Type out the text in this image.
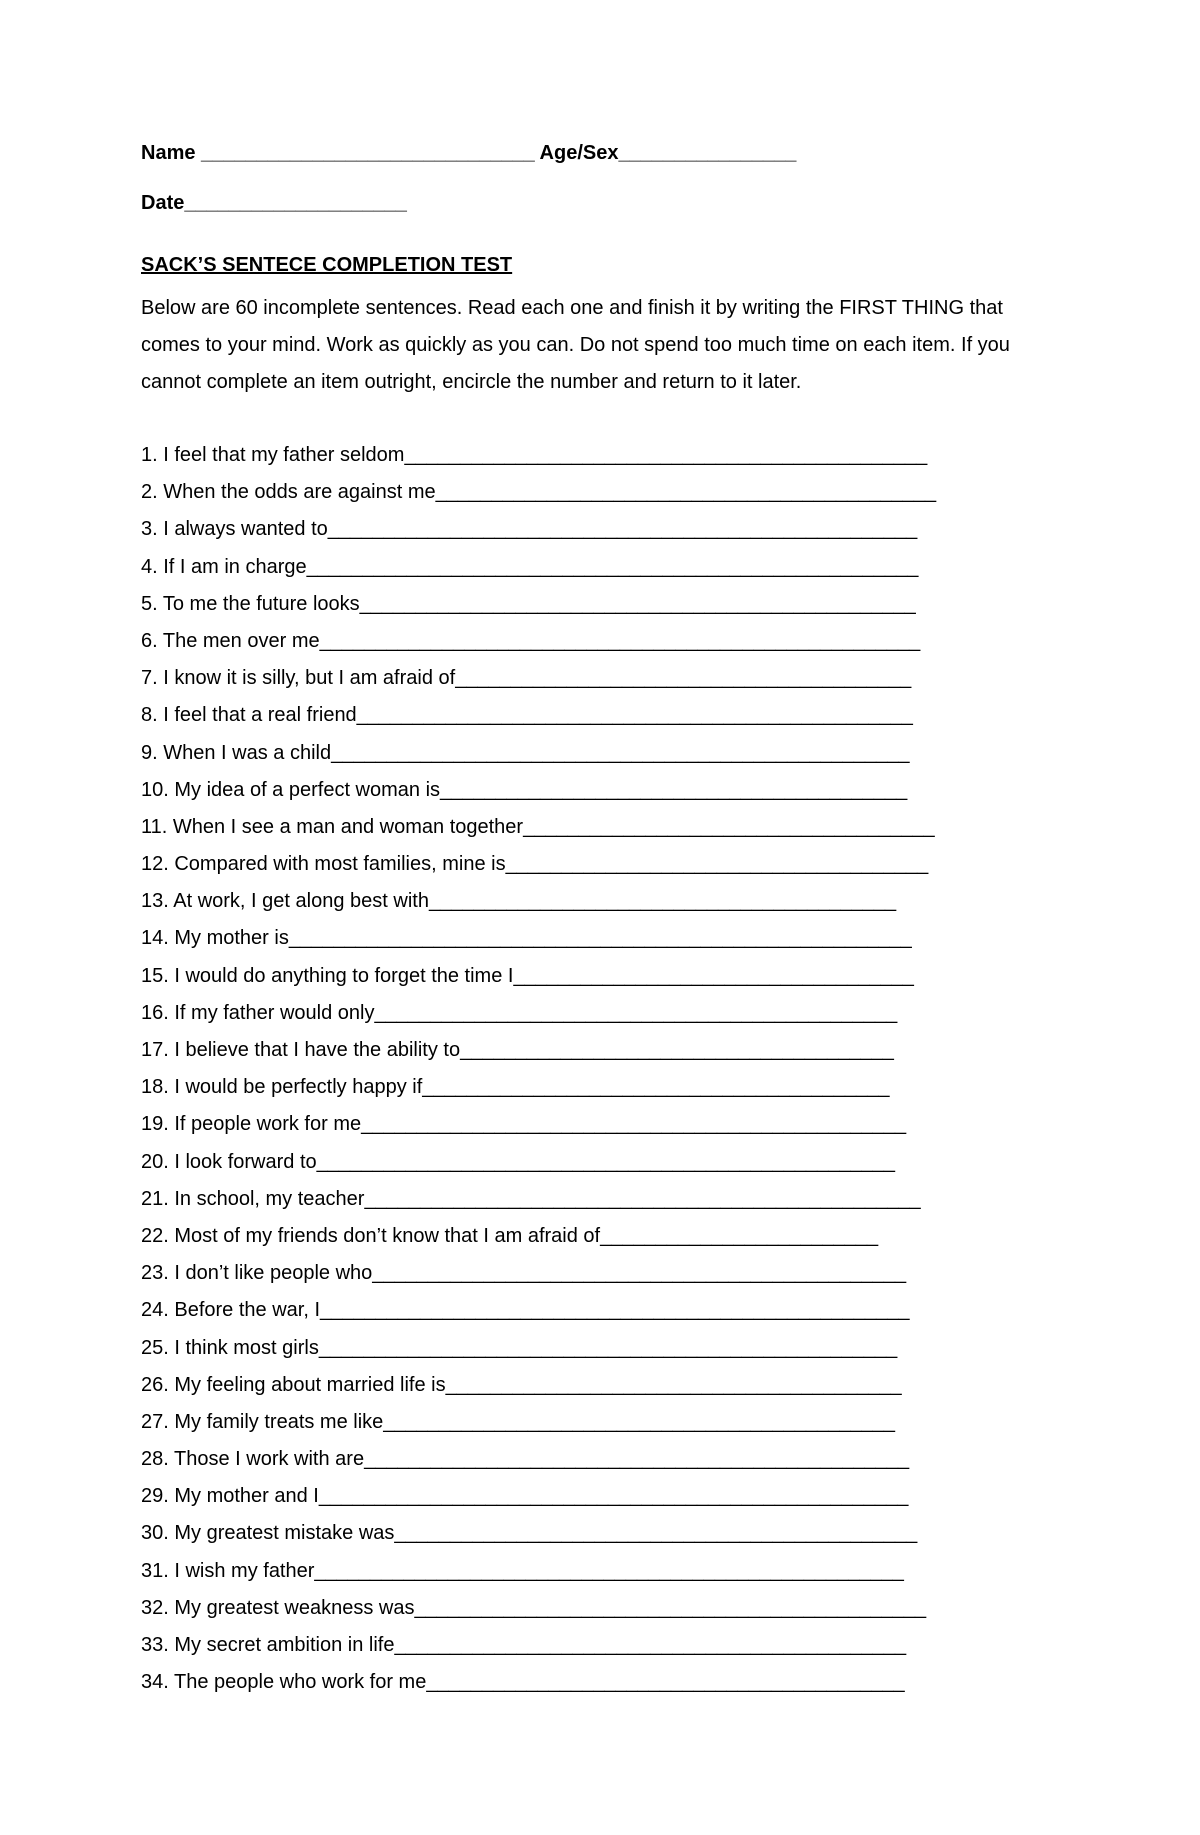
Name ______________________________ Age/Sex________________
Date____________________
SACK’S SENTECE COMPLETION TEST
Below are 60 incomplete sentences. Read each one and finish it by writing the FIRST THING that comes to your mind. Work as quickly as you can. Do not spend too much time on each item. If you cannot complete an item outright, encircle the number and return to it later.
1. I feel that my father seldom_______________________________________________
2. When the odds are against me_____________________________________________
3. I always wanted to_____________________________________________________
4. If I am in charge_______________________________________________________
5. To me the future looks__________________________________________________
6. The men over me______________________________________________________
7. I know it is silly, but I am afraid of_________________________________________
8. I feel that a real friend__________________________________________________
9. When I was a child____________________________________________________
10. My idea of a perfect woman is__________________________________________
11. When I see a man and woman together_____________________________________
12. Compared with most families, mine is______________________________________
13. At work, I get along best with__________________________________________
14. My mother is________________________________________________________
15. I would do anything to forget the time I____________________________________
16. If my father would only_______________________________________________
17. I believe that I have the ability to_______________________________________
18. I would be perfectly happy if__________________________________________
19. If people work for me_________________________________________________
20. I look forward to____________________________________________________
21. In school, my teacher__________________________________________________
22. Most of my friends don’t know that I am afraid of_________________________
23. I don’t like people who________________________________________________
24. Before the war, I_____________________________________________________
25. I think most girls____________________________________________________
26. My feeling about married life is_________________________________________
27. My family treats me like______________________________________________
28. Those I work with are_________________________________________________
29. My mother and I_____________________________________________________
30. My greatest mistake was_______________________________________________
31. I wish my father_____________________________________________________
32. My greatest weakness was______________________________________________
33. My secret ambition in life______________________________________________
34. The people who work for me___________________________________________
